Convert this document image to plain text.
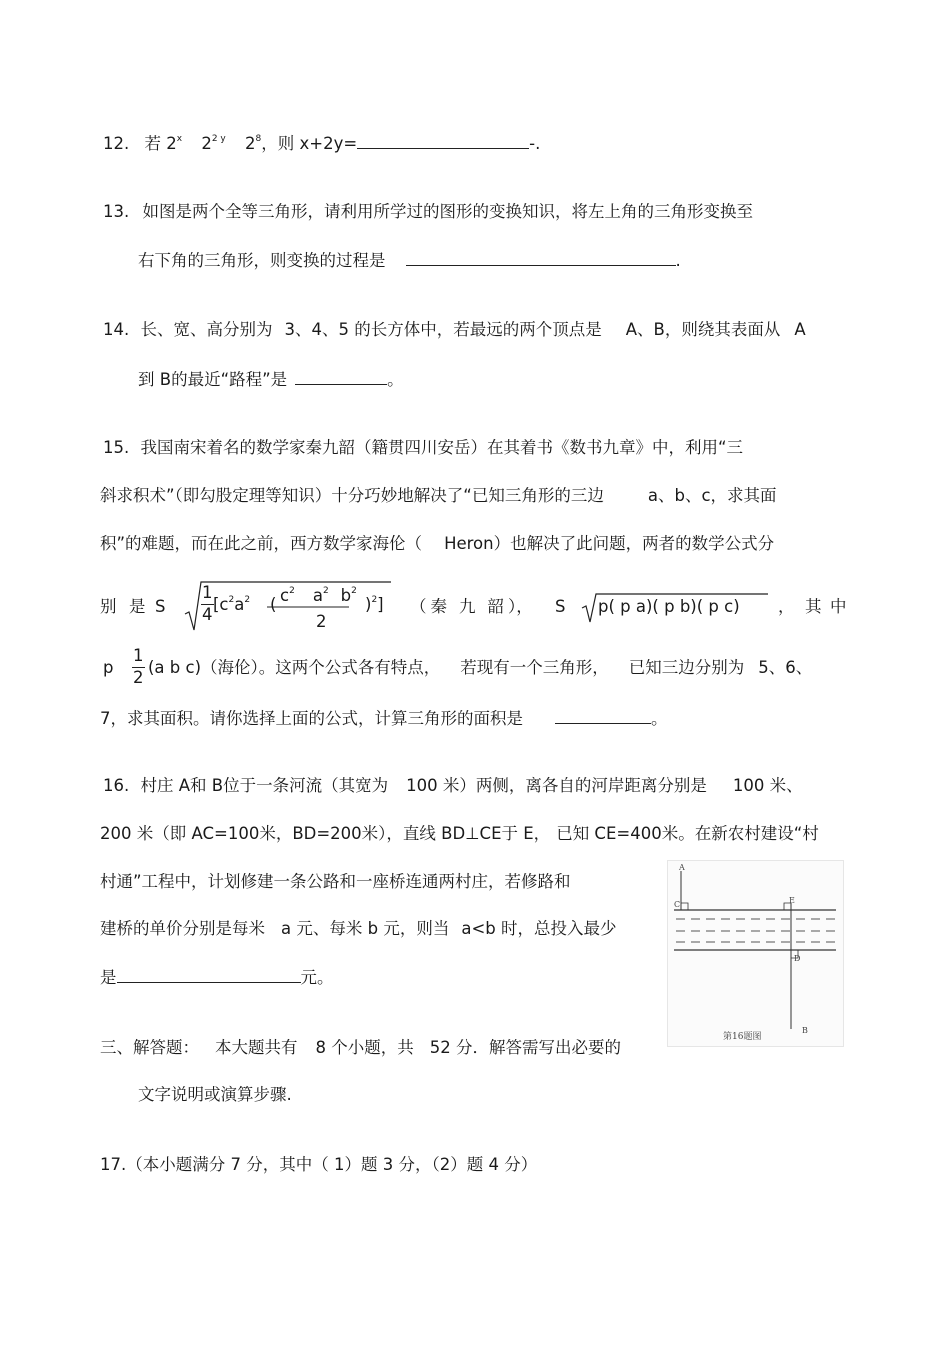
12. 若 2$^x$ $2^{2 y}$ $2^8$，则 x+2y=	-.
13. 如图是两个全等三角形，请利用所学过的图形的变换知识，将左上角的三角形变换至
右下角的三角形，则变换的过程是	.
14. 长、宽、高分别为 3、4、5 的长方体中，若最远的两个顶点是 A、B，则绕其表面从 A
到 B的最近“路程”是	。
15. 我国南宋着名的数学家秦九韶（籍贯四川安岳）在其着书《数书九章》中，利用“三
斜求积术”（即勾股定理等知识）十分巧妙地解决了“已知三角形的三边	a、b、c，求其面
积”的难题，而在此之前，西方数学家海伦（ Heron）也解决了此问题，两者的数学公式分
别 是 S $\frac{1}{4} [c^2a^2$ ( $c^2$ $a^2$ $b^2$
2
)$^2$] （ 秦 九 韶 ）， S p( p a)( p b)( p c) ， 其 中
p $\frac{1}{2} (a$ b c)（海伦）。这两个公式各有特点， 若现有一个三角形， 已知三边分别为 5、6、
7，求其面积。请你选择上面的公式，计算三角形的面积是	。
16. 村庄 A和 B位于一条河流（其宽为 100 米）两侧，离各自的河岸距离分别是 100 米、
200 米（即 AC=100米，BD=200米），直线 BD⊥CE于 E， 已知 CE=400米。在新农村建设“村
村通”工程中，计划修建一条公路和一座桥连通两村庄，若修路和
建桥的单价分别是每米 a 元、每米 b 元，则当 a<b 时，总投入最少
是	元。
A
C	E
D
B
第16题图
三、解答题： 本大题共有 8 个小题，共 52 分．解答需写出必要的
文字说明或演算步骤.
17.（本小题满分 7 分，其中（ 1）题 3 分，（2）题 4 分）
